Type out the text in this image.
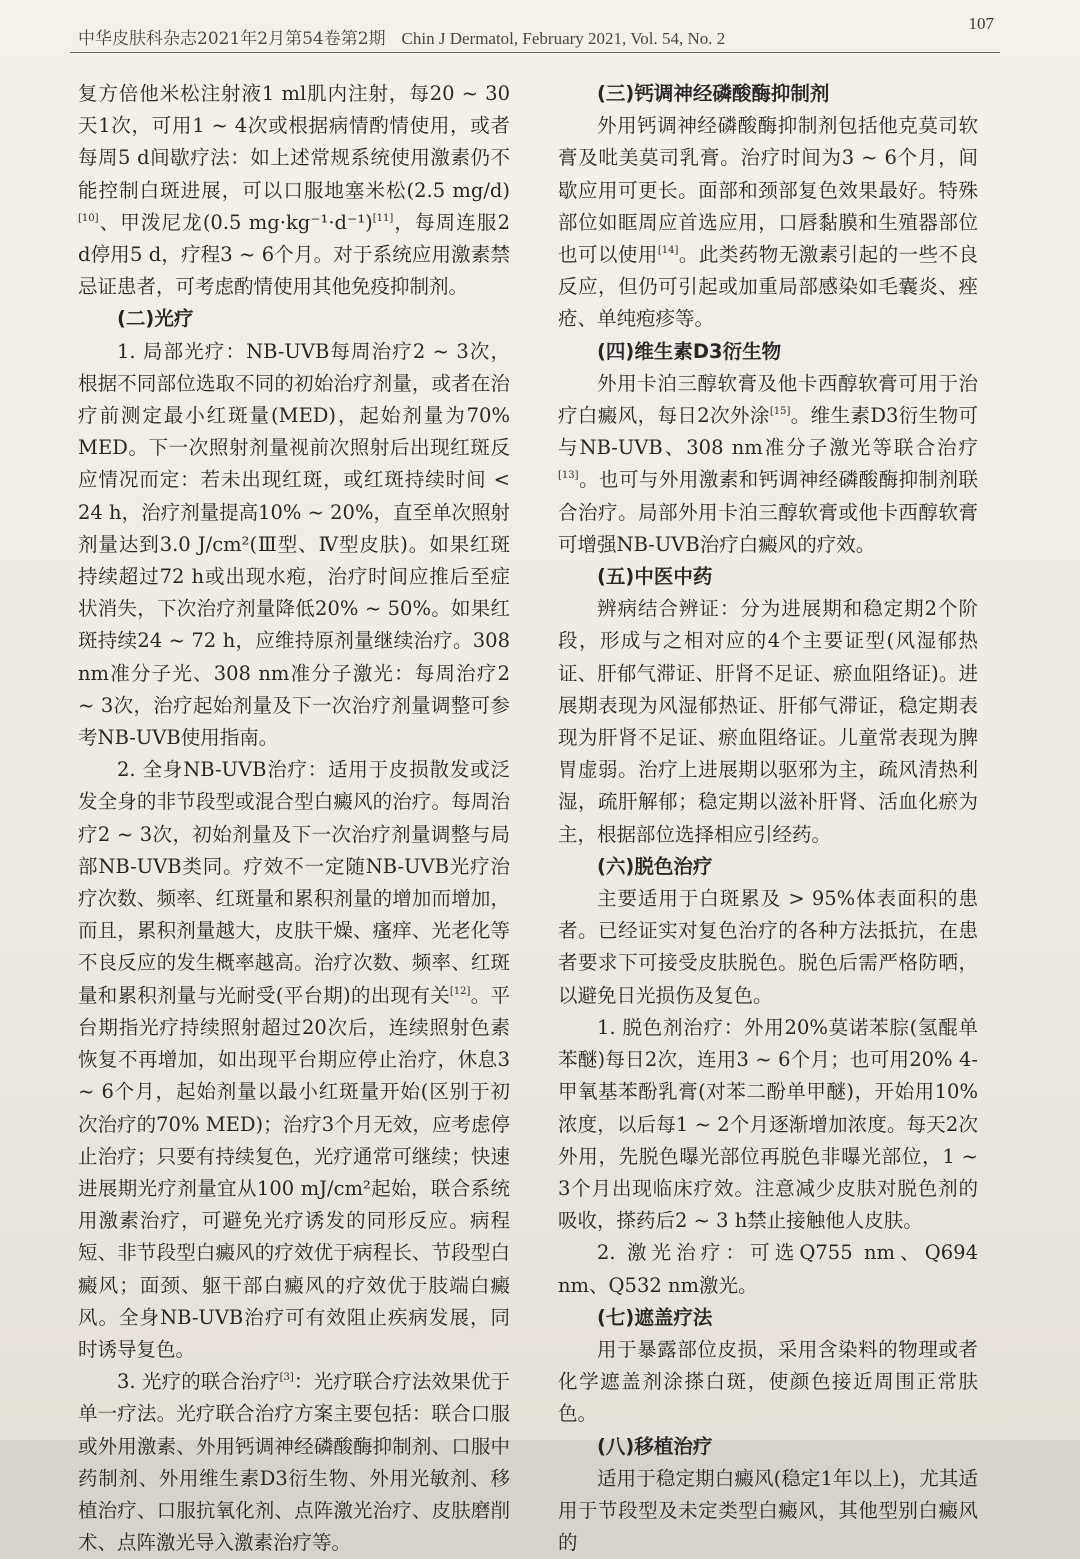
中华皮肤科杂志2021年2月第54卷第2期 Chin J Dermatol, February 2021, Vol. 54, No. 2
107

复方倍他米松注射液1 ml肌内注射，每20 ~ 30天1次，可用1 ~ 4次或根据病情酌情使用，或者每周5 d间歇疗法：如上述常规系统使用激素仍不能控制白斑进展，可以口服地塞米松(2.5 mg/d)[10]、甲泼尼龙(0.5 mg·kg⁻¹·d⁻¹)[11]，每周连服2 d停用5 d，疗程3 ~ 6个月。对于系统应用激素禁忌证患者，可考虑酌情使用其他免疫抑制剂。

(二)光疗

1. 局部光疗：NB-UVB每周治疗2 ~ 3次，根据不同部位选取不同的初始治疗剂量，或者在治疗前测定最小红斑量(MED)，起始剂量为70% MED。下一次照射剂量视前次照射后出现红斑反应情况而定：若未出现红斑，或红斑持续时间 < 24 h，治疗剂量提高10% ~ 20%，直至单次照射剂量达到3.0 J/cm²(Ⅲ型、Ⅳ型皮肤)。如果红斑持续超过72 h或出现水疱，治疗时间应推后至症状消失，下次治疗剂量降低20% ~ 50%。如果红斑持续24 ~ 72 h，应维持原剂量继续治疗。308 nm准分子光、308 nm准分子激光：每周治疗2 ~ 3次，治疗起始剂量及下一次治疗剂量调整可参考NB-UVB使用指南。

2. 全身NB-UVB治疗：适用于皮损散发或泛发全身的非节段型或混合型白癜风的治疗。每周治疗2 ~ 3次，初始剂量及下一次治疗剂量调整与局部NB-UVB类同。疗效不一定随NB-UVB光疗治疗次数、频率、红斑量和累积剂量的增加而增加，而且，累积剂量越大，皮肤干燥、瘙痒、光老化等不良反应的发生概率越高。治疗次数、频率、红斑量和累积剂量与光耐受(平台期)的出现有关[12]。平台期指光疗持续照射超过20次后，连续照射色素恢复不再增加，如出现平台期应停止治疗，休息3 ~ 6个月，起始剂量以最小红斑量开始(区别于初次治疗的70% MED)；治疗3个月无效，应考虑停止治疗；只要有持续复色，光疗通常可继续；快速进展期光疗剂量宜从100 mJ/cm²起始，联合系统用激素治疗，可避免光疗诱发的同形反应。病程短、非节段型白癜风的疗效优于病程长、节段型白癜风；面颈、躯干部白癜风的疗效优于肢端白癜风。全身NB-UVB治疗可有效阻止疾病发展，同时诱导复色。

3. 光疗的联合治疗[3]：光疗联合疗法效果优于单一疗法。光疗联合治疗方案主要包括：联合口服或外用激素、外用钙调神经磷酸酶抑制剂、口服中药制剂、外用维生素D3衍生物、外用光敏剂、移植治疗、口服抗氧化剂、点阵激光治疗、皮肤磨削术、点阵激光导入激素治疗等。

(三)钙调神经磷酸酶抑制剂

外用钙调神经磷酸酶抑制剂包括他克莫司软膏及吡美莫司乳膏。治疗时间为3 ~ 6个月，间歇应用可更长。面部和颈部复色效果最好。特殊部位如眶周应首选应用，口唇黏膜和生殖器部位也可以使用[14]。此类药物无激素引起的一些不良反应，但仍可引起或加重局部感染如毛囊炎、痤疮、单纯疱疹等。

(四)维生素D3衍生物

外用卡泊三醇软膏及他卡西醇软膏可用于治疗白癜风，每日2次外涂[15]。维生素D3衍生物可与NB-UVB、308 nm准分子激光等联合治疗[13]。也可与外用激素和钙调神经磷酸酶抑制剂联合治疗。局部外用卡泊三醇软膏或他卡西醇软膏可增强NB-UVB治疗白癜风的疗效。

(五)中医中药

辨病结合辨证：分为进展期和稳定期2个阶段，形成与之相对应的4个主要证型(风湿郁热证、肝郁气滞证、肝肾不足证、瘀血阻络证)。进展期表现为风湿郁热证、肝郁气滞证，稳定期表现为肝肾不足证、瘀血阻络证。儿童常表现为脾胃虚弱。治疗上进展期以驱邪为主，疏风清热利湿，疏肝解郁；稳定期以滋补肝肾、活血化瘀为主，根据部位选择相应引经药。

(六)脱色治疗

主要适用于白斑累及 > 95%体表面积的患者。已经证实对复色治疗的各种方法抵抗，在患者要求下可接受皮肤脱色。脱色后需严格防晒，以避免日光损伤及复色。

1. 脱色剂治疗：外用20%莫诺苯腙(氢醌单苯醚)每日2次，连用3 ~ 6个月；也可用20% 4-甲氧基苯酚乳膏(对苯二酚单甲醚)，开始用10%浓度，以后每1 ~ 2个月逐渐增加浓度。每天2次外用，先脱色曝光部位再脱色非曝光部位，1 ~ 3个月出现临床疗效。注意减少皮肤对脱色剂的吸收，搽药后2 ~ 3 h禁止接触他人皮肤。

2. 激光治疗：可选Q755 nm、Q694 nm、Q532 nm激光。

(七)遮盖疗法

用于暴露部位皮损，采用含染料的物理或者化学遮盖剂涂搽白斑，使颜色接近周围正常肤色。

(八)移植治疗

适用于稳定期白癜风(稳定1年以上)，尤其适用于节段型及未定类型白癜风，其他型别白癜风的
